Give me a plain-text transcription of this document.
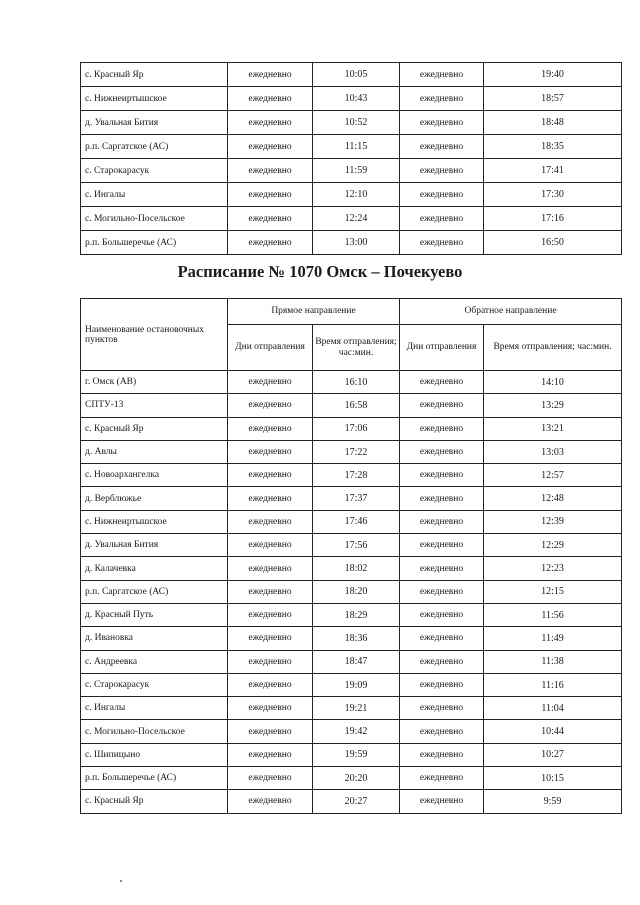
с. Красный Яр	ежедневно	10:05	ежедневно	19:40
с. Нижнеиртышское	ежедневно	10:43	ежедневно	18:57
д. Увальная Бития	ежедневно	10:52	ежедневно	18:48
р.п. Саргатское (АС)	ежедневно	11:15	ежедневно	18:35
с. Старокарасук	ежедневно	11:59	ежедневно	17:41
с. Ингалы	ежедневно	12:10	ежедневно	17:30
с. Могильно-Посельское	ежедневно	12:24	ежедневно	17:16
р.п. Большеречье (АС)	ежедневно	13:00	ежедневно	16:50
Расписание № 1070 Омск – Почекуево
Наименование остановочных пунктов	Прямое направление		Обратное направление	
	Дни отправления	Время отправления; час:мин.	Дни отправления	Время отправления; час:мин.
г. Омск (АВ)	ежедневно	16:10	ежедневно	14:10
СПТУ-13	ежедневно	16:58	ежедневно	13:29
с. Красный Яр	ежедневно	17:06	ежедневно	13:21
д. Авлы	ежедневно	17:22	ежедневно	13:03
с. Новоархангелка	ежедневно	17:28	ежедневно	12:57
д. Верблюжье	ежедневно	17:37	ежедневно	12:48
с. Нижнеиртышское	ежедневно	17:46	ежедневно	12:39
д. Увальная Бития	ежедневно	17:56	ежедневно	12:29
д. Калачевка	ежедневно	18:02	ежедневно	12:23
р.п. Саргатское (АС)	ежедневно	18:20	ежедневно	12:15
д. Красный Путь	ежедневно	18:29	ежедневно	11:56
д. Ивановка	ежедневно	18:36	ежедневно	11:49
с. Андреевка	ежедневно	18:47	ежедневно	11:38
с. Старокарасук	ежедневно	19:09	ежедневно	11:16
с. Ингалы	ежедневно	19:21	ежедневно	11:04
с. Могильно-Посельское	ежедневно	19:42	ежедневно	10:44
с. Шипицыно	ежедневно	19:59	ежедневно	10:27
р.п. Большеречье (АС)	ежедневно	20:20	ежедневно	10:15
с. Красный Яр	ежедневно	20:27	ежедневно	9:59
